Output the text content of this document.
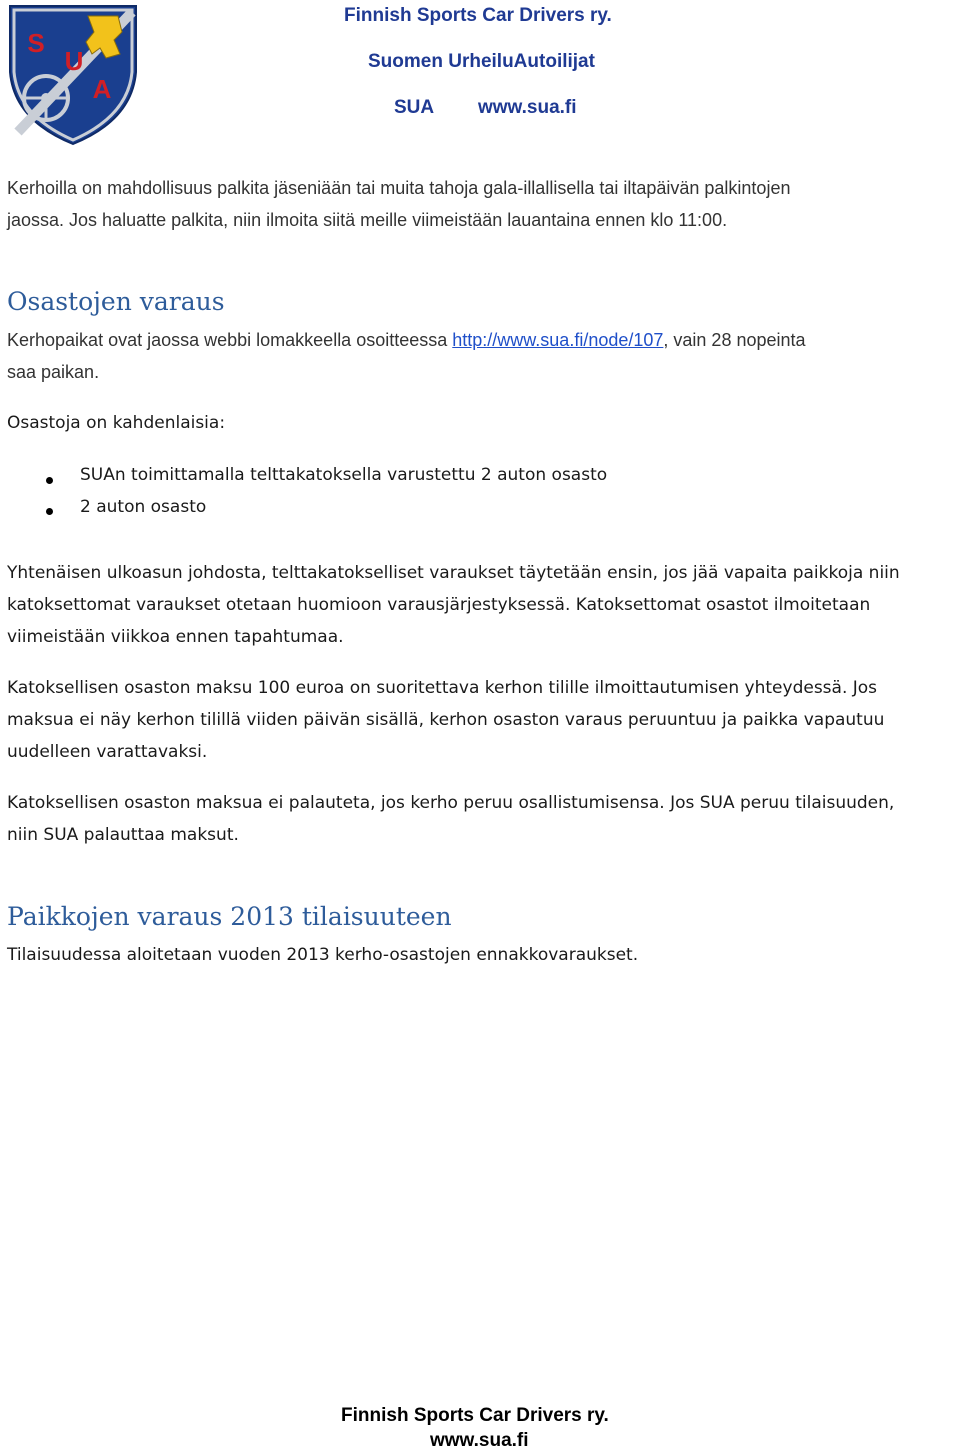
S
U
A
Finnish Sports Car Drivers ry.
Suomen UrheiluAutoilijat
SUA www.sua.fi
Kerhoilla on mahdollisuus palkita jäseniään tai muita tahoja gala-illallisella tai iltapäivän palkintojen
jaossa. Jos haluatte palkita, niin ilmoita siitä meille viimeistään lauantaina ennen klo 11:00.
Osastojen varaus
Kerhopaikat ovat jaossa webbi lomakkeella osoitteessa http://www.sua.fi/node/107, vain 28 nopeinta
saa paikan.
Osastoja on kahdenlaisia:
SUAn toimittamalla telttakatoksella varustettu 2 auton osasto
2 auton osasto
Yhtenäisen ulkoasun johdosta, telttakatokselliset varaukset täytetään ensin, jos jää vapaita paikkoja niin
katoksettomat varaukset otetaan huomioon varausjärjestyksessä. Katoksettomat osastot ilmoitetaan
viimeistään viikkoa ennen tapahtumaa.
Katoksellisen osaston maksu 100 euroa on suoritettava kerhon tilille ilmoittautumisen yhteydessä. Jos
maksua ei näy kerhon tilillä viiden päivän sisällä, kerhon osaston varaus peruuntuu ja paikka vapautuu
uudelleen varattavaksi.
Katoksellisen osaston maksua ei palauteta, jos kerho peruu osallistumisensa. Jos SUA peruu tilaisuuden,
niin SUA palauttaa maksut.
Paikkojen varaus 2013 tilaisuuteen
Tilaisuudessa aloitetaan vuoden 2013 kerho-osastojen ennakkovaraukset.
Finnish Sports Car Drivers ry.
www.sua.fi
